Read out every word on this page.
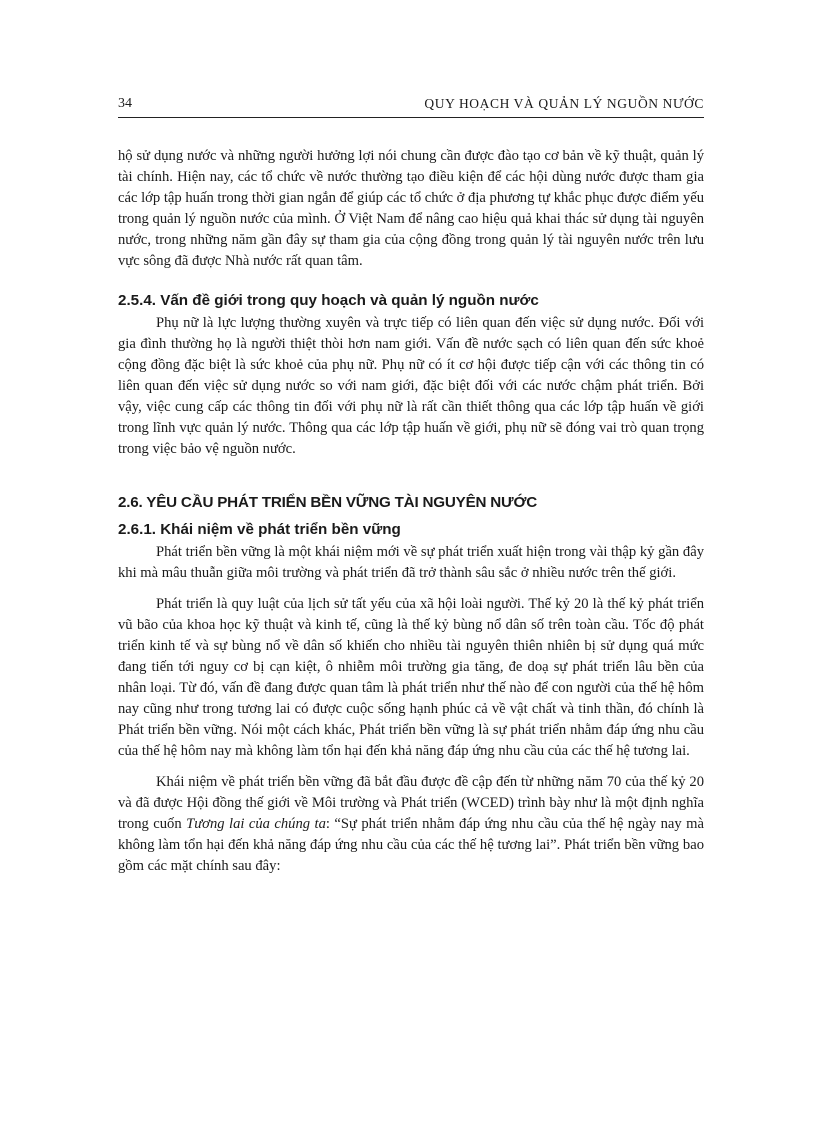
34	QUY HOẠCH VÀ QUẢN LÝ NGUỒN NƯỚC

hộ sử dụng nước và những người hưởng lợi nói chung cần được đào tạo cơ bản về kỹ thuật, quản lý tài chính. Hiện nay, các tổ chức về nước thường tạo điều kiện để các hội dùng nước được tham gia các lớp tập huấn trong thời gian ngắn để giúp các tổ chức ở địa phương tự khắc phục được điểm yếu trong quản lý nguồn nước của mình. Ở Việt Nam để nâng cao hiệu quả khai thác sử dụng tài nguyên nước, trong những năm gần đây sự tham gia của cộng đồng trong quản lý tài nguyên nước trên lưu vực sông đã được Nhà nước rất quan tâm.

2.5.4. Vấn đề giới trong quy hoạch và quản lý nguồn nước

Phụ nữ là lực lượng thường xuyên và trực tiếp có liên quan đến việc sử dụng nước. Đối với gia đình thường họ là người thiệt thòi hơn nam giới. Vấn đề nước sạch có liên quan đến sức khoẻ cộng đồng đặc biệt là sức khoẻ của phụ nữ. Phụ nữ có ít cơ hội được tiếp cận với các thông tin có liên quan đến việc sử dụng nước so với nam giới, đặc biệt đối với các nước chậm phát triển. Bởi vậy, việc cung cấp các thông tin đối với phụ nữ là rất cần thiết thông qua các lớp tập huấn về giới trong lĩnh vực quản lý nước. Thông qua các lớp tập huấn về giới, phụ nữ sẽ đóng vai trò quan trọng trong việc bảo vệ nguồn nước.

2.6. YÊU CẦU PHÁT TRIỂN BỀN VỮNG TÀI NGUYÊN NƯỚC
2.6.1. Khái niệm về phát triển bền vững

Phát triển bền vững là một khái niệm mới về sự phát triển xuất hiện trong vài thập kỷ gần đây khi mà mâu thuẫn giữa môi trường và phát triển đã trở thành sâu sắc ở nhiều nước trên thế giới.

Phát triển là quy luật của lịch sử tất yếu của xã hội loài người. Thế kỷ 20 là thế kỷ phát triển vũ bão của khoa học kỹ thuật và kinh tế, cũng là thế kỷ bùng nổ dân số trên toàn cầu. Tốc độ phát triển kinh tế và sự bùng nổ về dân số khiến cho nhiều tài nguyên thiên nhiên bị sử dụng quá mức đang tiến tới nguy cơ bị cạn kiệt, ô nhiễm môi trường gia tăng, đe doạ sự phát triển lâu bền của nhân loại. Từ đó, vấn đề đang được quan tâm là phát triển như thế nào để con người của thế hệ hôm nay cũng như trong tương lai có được cuộc sống hạnh phúc cả về vật chất và tinh thần, đó chính là Phát triển bền vững. Nói một cách khác, Phát triển bền vững là sự phát triển nhằm đáp ứng nhu cầu của thế hệ hôm nay mà không làm tổn hại đến khả năng đáp ứng nhu cầu của các thế hệ tương lai.

Khái niệm về phát triển bền vững đã bắt đầu được đề cập đến từ những năm 70 của thế kỷ 20 và đã được Hội đồng thế giới về Môi trường và Phát triển (WCED) trình bày như là một định nghĩa trong cuốn Tương lai của chúng ta: “Sự phát triển nhằm đáp ứng nhu cầu của thế hệ ngày nay mà không làm tổn hại đến khả năng đáp ứng nhu cầu của các thế hệ tương lai”. Phát triển bền vững bao gồm các mặt chính sau đây:
